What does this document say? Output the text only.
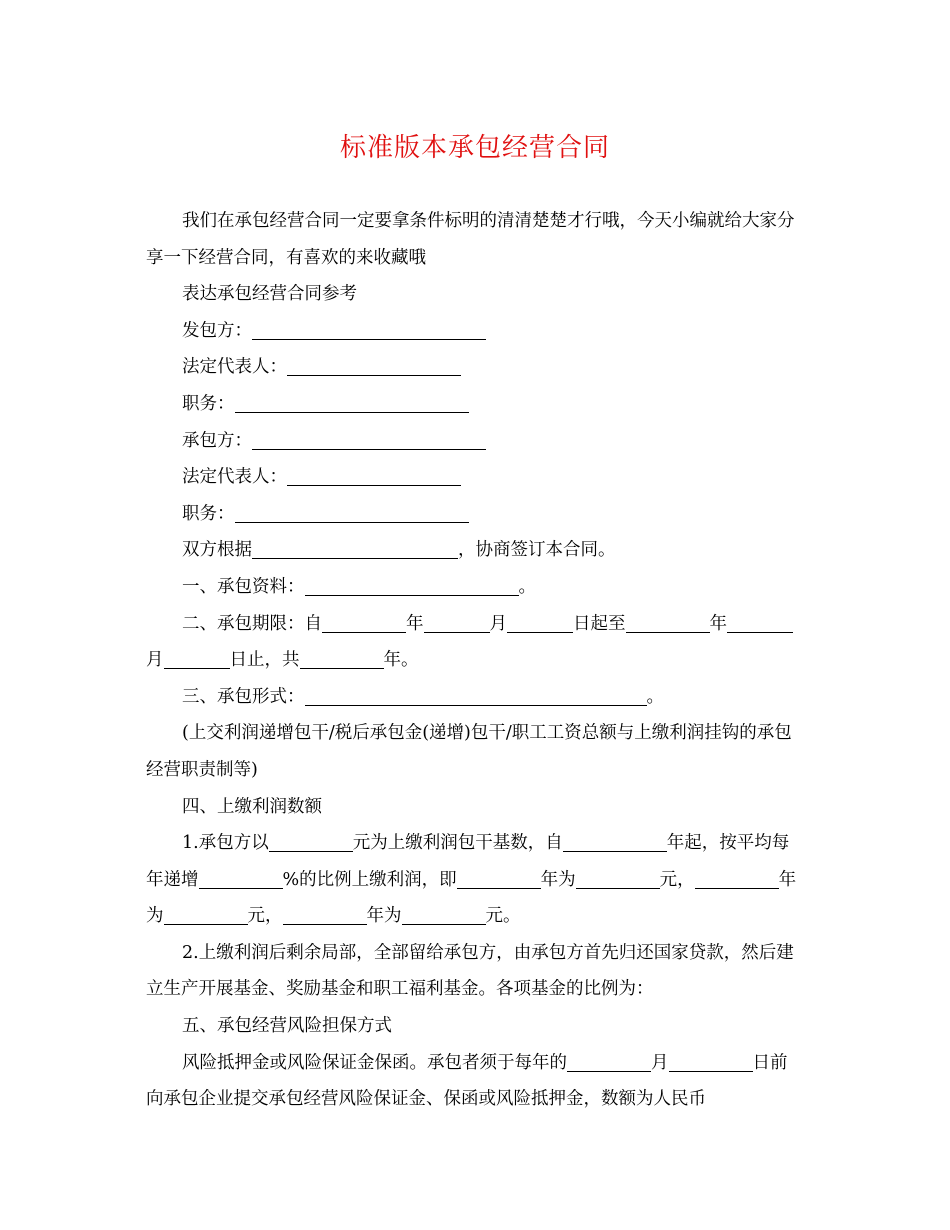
标准版本承包经营合同

我们在承包经营合同一定要拿条件标明的清清楚楚才行哦，今天小编就给大家分享一下经营合同，有喜欢的来收藏哦

表达承包经营合同参考

发包方：

法定代表人：

职务：

承包方：

法定代表人：

职务：

双方根据	，协商签订本合同。

一、承包资料：	。

二、承包期限：自	年	月	日起至	年月	日止，共	年。

三、承包形式：	。

(上交利润递增包干/税后承包金(递增)包干/职工工资总额与上缴利润挂钩的承包经营职责制等)

四、上缴利润数额

1.承包方以	元为上缴利润包干基数，自	年起，按平均每年递增	%的比例上缴利润，即	年为	元，	年为	元，	年为	元。

2.上缴利润后剩余局部，全部留给承包方，由承包方首先归还国家贷款，然后建立生产开展基金、奖励基金和职工福利基金。各项基金的比例为：

五、承包经营风险担保方式

风险抵押金或风险保证金保函。承包者须于每年的	月	日前向承包企业提交承包经营风险保证金、保函或风险抵押金，数额为人民币
